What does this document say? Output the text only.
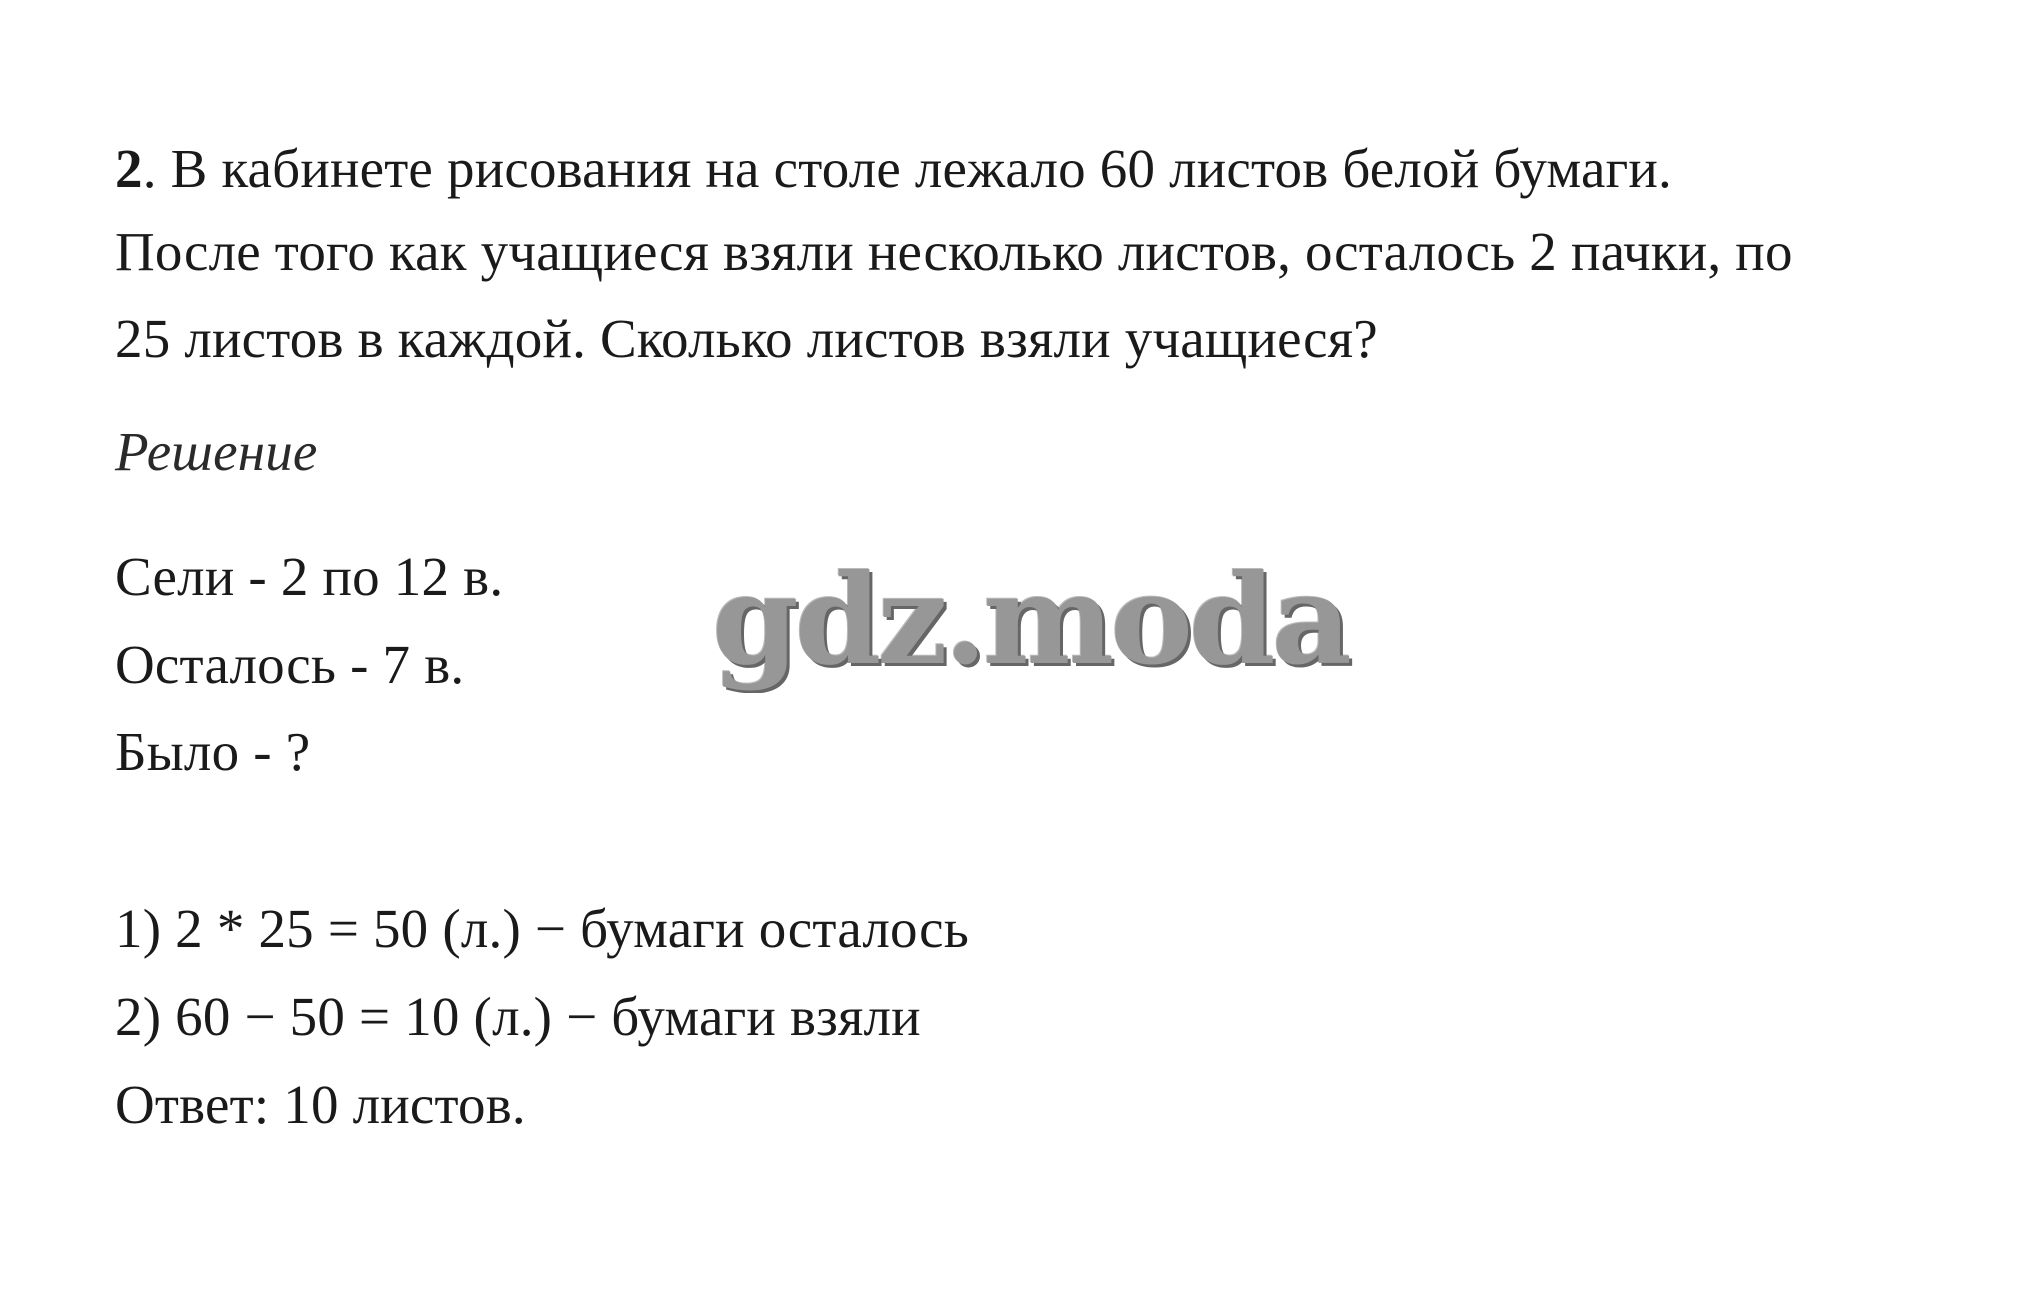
2. В кабинете рисования на столе лежало 60 листов белой бумаги.
После того как учащиеся взяли несколько листов, осталось 2 пачки, по
25 листов в каждой. Сколько листов взяли учащиеся?
Решение
Сели - 2 по 12 в.
Осталось - 7 в.
Было - ?
1) 2 * 25 = 50 (л.) − бумаги осталось
2) 60 − 50 = 10 (л.) − бумаги взяли
Ответ: 10 листов.
gdz.moda
